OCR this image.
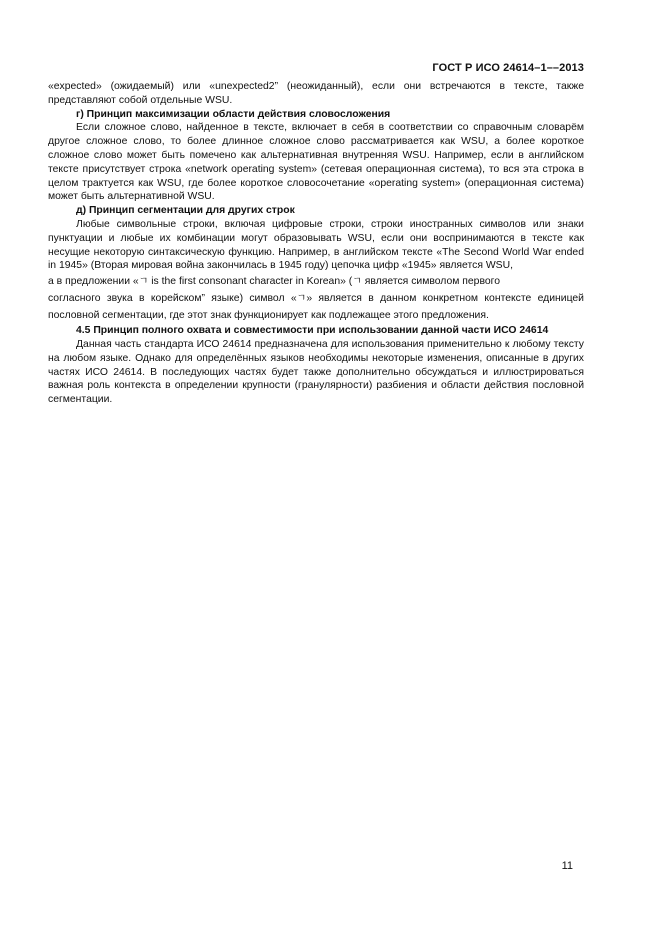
ГОСТ Р ИСО 24614–1––2013

«expected» (ожидаемый) или «unexpected2” (неожиданный), если они встречаются в тексте, также представляют собой отдельные WSU.

г) Принцип максимизации области действия словосложения

Если сложное слово, найденное в тексте, включает в себя в соответствии со справочным словарём другое сложное слово, то более длинное сложное слово рассматривается как WSU, а более короткое сложное слово может быть помечено как альтернативная внутренняя WSU. Например, если в английском тексте присутствует строка «network operating system» (сетевая операционная система), то вся эта строка в целом трактуется как WSU, где более короткое словосочетание «operating system» (операционная система) может быть альтернативной WSU.

д) Принцип сегментации для других строк

Любые символьные строки, включая цифровые строки, строки иностранных символов или знаки пунктуации и любые их комбинации могут образовывать WSU, если они воспринимаются в тексте как несущие некоторую синтаксическую функцию. Например, в английском тексте «The Second World War ended in 1945» (Вторая мировая война закончилась в 1945 году) цепочка цифр «1945» является WSU,

а в предложении «ㄱ is the first consonant character in Korean» (ㄱ является символом первого

согласного звука в корейском” языке) символ «ㄱ» является в данном конкретном контексте единицей пословной сегментации, где этот знак функционирует как подлежащее этого предложения.

4.5 Принцип полного охвата и совместимости при использовании данной части ИСО 24614

Данная часть стандарта ИСО 24614 предназначена для использования применительно к любому тексту на любом языке. Однако для определённых языков необходимы некоторые изменения, описанные в других частях ИСО 24614. В последующих частях будет также дополнительно обсуждаться и иллюстрироваться важная роль контекста в определении крупности (гранулярности) разбиения и области действия пословной сегментации.

11
